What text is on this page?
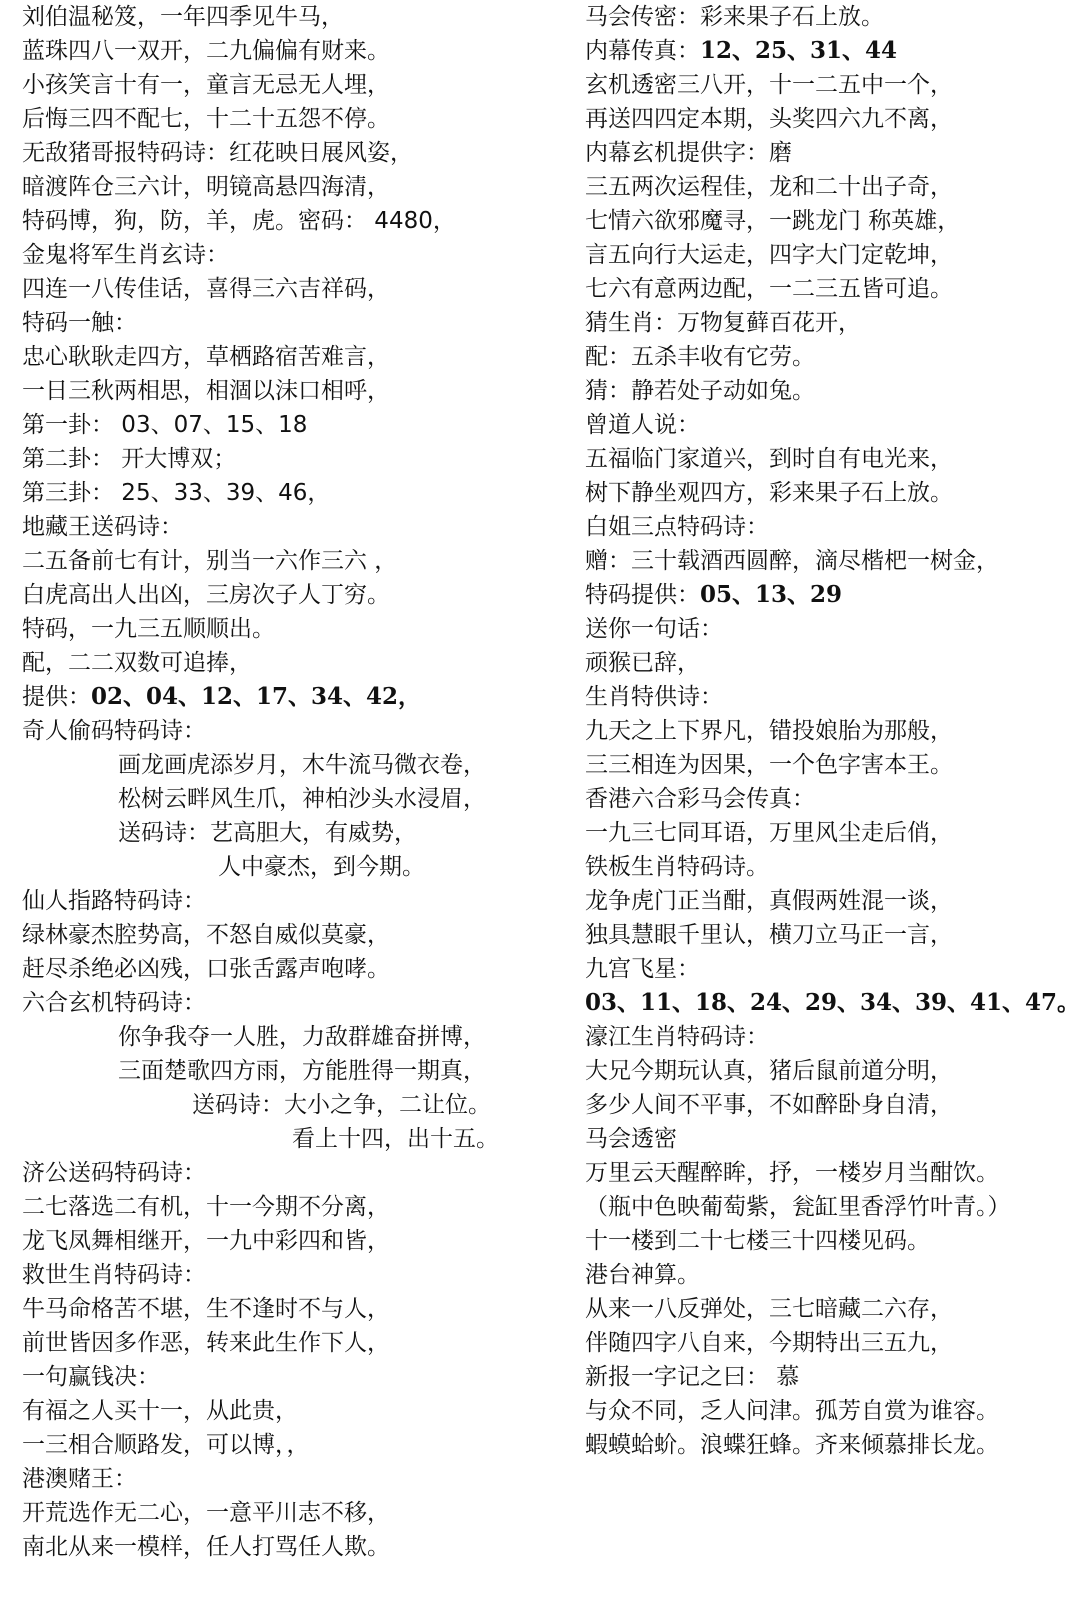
刘伯温秘笈，一年四季见牛马，
蓝珠四八一双开，二九偏偏有财来。
小孩笑言十有一，童言无忌无人埋，
后悔三四不配七，十二十五怨不停。
无敌猪哥报特码诗：红花映日展风姿，
暗渡阵仓三六计，明镜高悬四海清，
特码博，狗，防，羊，虎。密码： 4480，
金鬼将军生肖玄诗：
四连一八传佳话，喜得三六吉祥码，
特码一触：
忠心耿耿走四方，草栖路宿苦难言，
一日三秋两相思，相涸以沫口相呼，
第一卦： 03、07、15、18
第二卦： 开大博双；
第三卦： 25、33、39、46，
地藏王送码诗：
二五备前七有计，别当一六作三六 ，
白虎高出人出凶，三房次子人丁穷。
特码，一九三五顺顺出。
配，二二双数可追捧，
提供：02、04、12、17、34、42，
奇人偷码特码诗：
画龙画虎添岁月，木牛流马微衣卷，
松树云畔风生爪，神柏沙头水浸眉，
送码诗：艺高胆大，有威势，
人中豪杰，到今期。
仙人指路特码诗：
绿林豪杰腔势高，不怒自威似莫豪，
赶尽杀绝必凶残，口张舌露声咆哮。
六合玄机特码诗：
你争我夺一人胜，力敌群雄奋拼博，
三面楚歌四方雨，方能胜得一期真，
送码诗：大小之争，二让位。
看上十四，出十五。
济公送码特码诗：
二七落选二有机，十一今期不分离，
龙飞凤舞相继开，一九中彩四和皆，
救世生肖特码诗：
牛马命格苦不堪，生不逢时不与人，
前世皆因多作恶，转来此生作下人，
一句赢钱决：
有福之人买十一，从此贵，
一三相合顺路发，可以博，，
港澳赌王：
开荒选作无二心，一意平川志不移，
南北从来一模样，任人打骂任人欺。
马会传密：彩来果子石上放。
内幕传真：12、25、31、44
玄机透密三八开，十一二五中一个，
再送四四定本期，头奖四六九不离，
内幕玄机提供字：磨
三五两次运程佳，龙和二十出子奇，
七情六欲邪魔寻，一跳龙门 称英雄，
言五向行大运走，四字大门定乾坤，
七六有意两边配，一二三五皆可追。
猜生肖：万物复藓百花开，
配：五杀丰收有它劳。
猜：静若处子动如兔。
曾道人说：
五福临门家道兴，到时自有电光来，
树下静坐观四方，彩来果子石上放。
白姐三点特码诗：
赠：三十载酒西圆醉，滴尽楷杷一树金，
特码提供：05、13、29
送你一句话：
顽猴已辞，
生肖特供诗：
九天之上下界凡，错投娘胎为那般，
三三相连为因果，一个色字害本王。
香港六合彩马会传真：
一九三七同耳语，万里风尘走后俏，
铁板生肖特码诗。
龙争虎门正当酣，真假两姓混一谈，
独具慧眼千里认，横刀立马正一言，
九宫飞星：
03、11、18、24、29、34、39、41、47。
濠江生肖特码诗：
大兄今期玩认真，猪后鼠前道分明，
多少人间不平事，不如醉卧身自清，
马会透密
万里云天醒醉眸，抒，一楼岁月当酣饮。
（瓶中色映葡萄紫，瓮缸里香浮竹叶青。）
十一楼到二十七楼三十四楼见码。
港台神算。
从来一八反弹处，三七暗藏二六存，
伴随四字八自来，今期特出三五九，
新报一字记之曰： 慕
与众不同，乏人问津。孤芳自赏为谁容。
蝦蟆蛤蚧。浪蝶狂蜂。齐来倾慕排长龙。
